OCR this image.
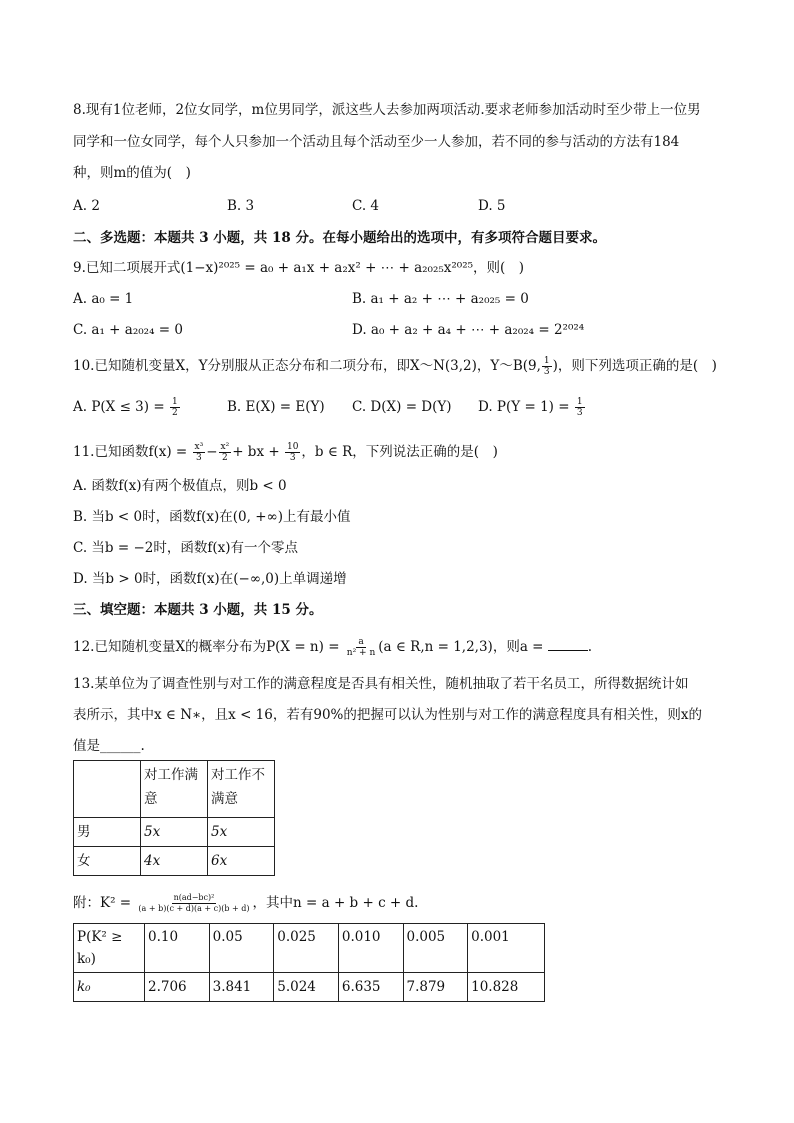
8.现有1位老师，2位女同学，m位男同学，派这些人去参加两项活动.要求老师参加活动时至少带上一位男
同学和一位女同学，每个人只参加一个活动且每个活动至少一人参加，若不同的参与活动的方法有184
种，则m的值为(　)
A. 2	B. 3	C. 4	D. 5
二、多选题：本题共 3 小题，共 18 分。在每小题给出的选项中，有多项符合题目要求。
9.已知二项展开式(1−x)²⁰²⁵ = a₀ + a₁x + a₂x² + ⋯ + a₂₀₂₅x²⁰²⁵，则(　)
A. a₀ = 1	B. a₁ + a₂ + ⋯ + a₂₀₂₅ = 0
C. a₁ + a₂₀₂₄ = 0	D. a₀ + a₂ + a₄ + ⋯ + a₂₀₂₄ = 2²⁰²⁴
10.已知随机变量X，Y分别服从正态分布和二项分布，即X～N(3,2)，Y～B(9, $\frac{1}{3}$ )，则下列选项正确的是(　)
A. $P(X \le 3) = \frac{1}{2}$	B. E(X) = E(Y) C. D(X) = D(Y) D. $P(Y = 1) = \frac{1}{3}$
11.已知函数$f(x) = \frac{\text{x³}}{3} - \frac{\text{x²}}{2}$ + bx + $\frac{10}{3}$ ，b ∈ R，下列说法正确的是(　)
A. 函数f(x)有两个极值点，则b < 0
B. 当b < 0时，函数f(x)在(0, +∞)上有最小值
C. 当b = −2时，函数f(x)有一个零点
D. 当b > 0时，函数f(x)在(−∞,0)上单调递增
三、填空题：本题共 3 小题，共 15 分。
12.已知随机变量X的概率分布为$P(X = n) = \frac{a}{\text{n² + n}} (a$ ∈ R,n = 1,2,3)，则a =	.
13.某单位为了调查性别与对工作的满意程度是否具有相关性，随机抽取了若干名员工，所得数据统计如
表所示，其中x ∈ N∗，且x < 16，若有90%的把握可以认为性别与对工作的满意程度具有相关性，则x的
值是______.
	对工作满意	对工作不满意
男	5x	5x
女	4x	6x
附：$K^2 = \frac{\text{n(ad−bc)²}}{(a + b)(c + d)(a + c)(b + d)}$ ，其中n = a + b + c + d.
P(K² ≥ k₀)	0.10	0.05	0.025	0.010	0.005	0.001
k₀	2.706	3.841	5.024	6.635	7.879	10.828
